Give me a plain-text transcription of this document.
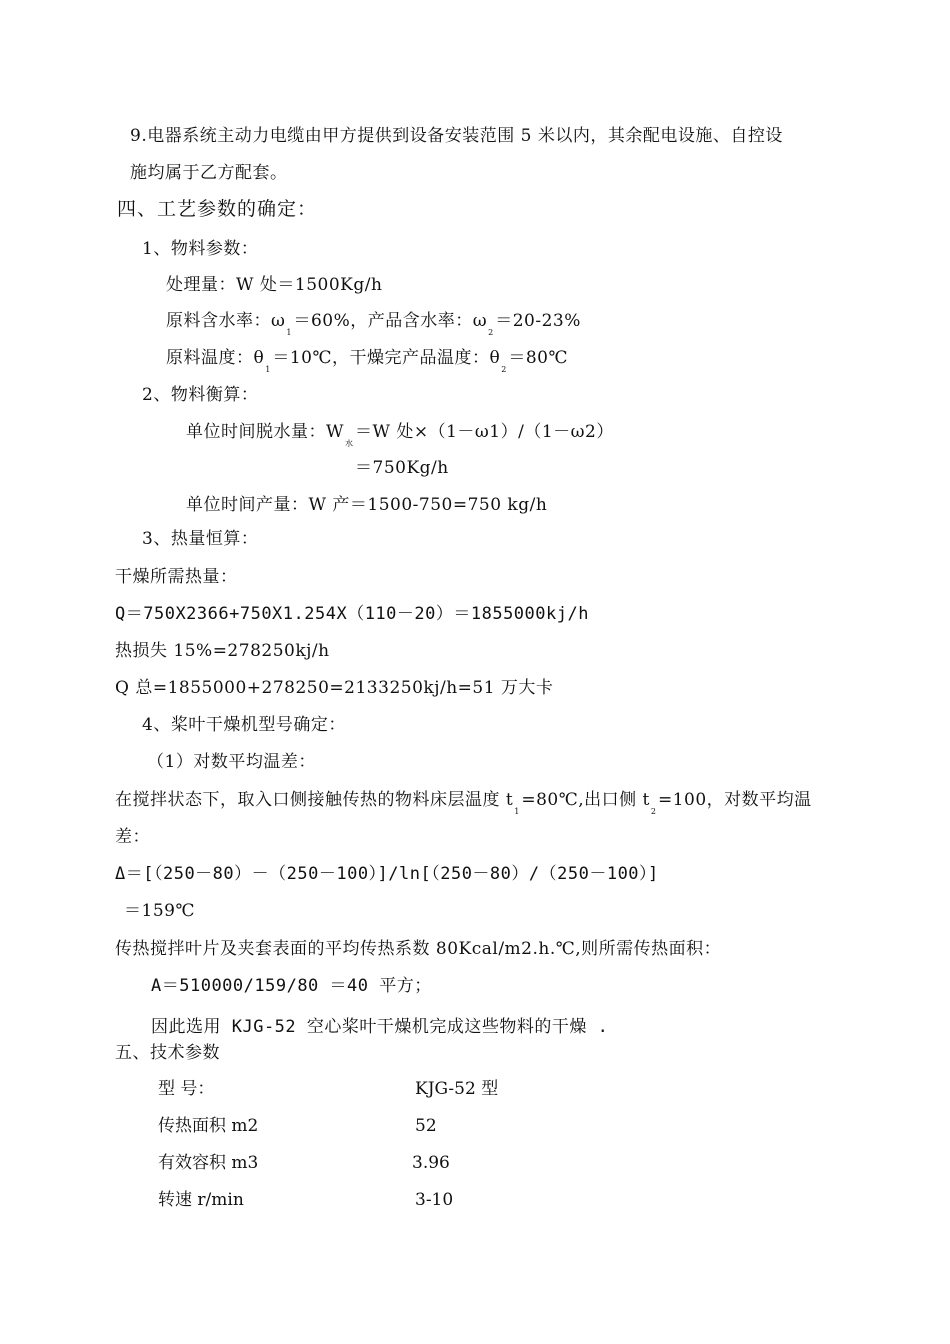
9.电器系统主动力电缆由甲方提供到设备安装范围 5 米以内，其余配电设施、自控设
施均属于乙方配套。
四、工艺参数的确定：
1、物料参数：
处理量：W 处＝1500Kg/h
原料含水率：$\omega_1=60\%$，产品含水率：$\omega_2=20-23\%$
原料温度：$\theta_1=10℃$，干燥完产品温度：$\theta_2=80℃$
2、物料衡算：
单位时间脱水量：$W_水=W$ 处×（1－ω1）/（1－ω2）
＝750Kg/h
单位时间产量：W 产＝1500-750=750 kg/h
3、热量恒算：
干燥所需热量：
Q＝750X2366+750X1.254X（110－20）＝1855000kj/h
热损失 15%=278250kj/h
Q 总=1855000+278250=2133250kj/h=51 万大卡
4、桨叶干燥机型号确定：
（1）对数平均温差：
在搅拌状态下，取入口侧接触传热的物料床层温度 $t_1=80℃$,出口侧 $t_2=100$，对数平均温
差：
Δ＝[（250－80）－（250－100）]/ln[（250－80）/（250－100）]
＝159℃
传热搅拌叶片及夹套表面的平均传热系数 80Kcal/m2.h.℃,则所需传热面积：
A＝510000/159/80 ＝40 平方；
因此选用 KJG-52 空心桨叶干燥机完成这些物料的干燥 .
五、技术参数
型 号：	KJG-52 型
传热面积 m2	52
有效容积 m3	3.96
转速 r/min	3-10
